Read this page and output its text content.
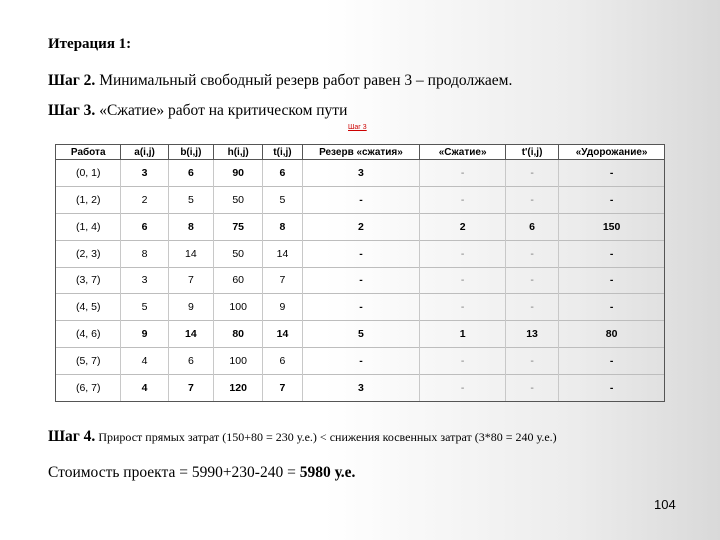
Итерация 1:
Шаг 2. Минимальный свободный резерв работ равен 3 – продолжаем.
Шаг 3. «Сжатие» работ на критическом пути
Шаг 3
Работа	a(i,j)	b(i,j)	h(i,j)	t(i,j)	Резерв «сжатия»	«Сжатие»	t'(i,j)	«Удорожание»
(0, 1)	3	6	90	6	3	-	-	-
(1, 2)	2	5	50	5	-	-	-	-
(1, 4)	6	8	75	8	2	2	6	150
(2, 3)	8	14	50	14	-	-	-	-
(3, 7)	3	7	60	7	-	-	-	-
(4, 5)	5	9	100	9	-	-	-	-
(4, 6)	9	14	80	14	5	1	13	80
(5, 7)	4	6	100	6	-	-	-	-
(6, 7)	4	7	120	7	3	-	-	-
Шаг 4. Прирост прямых затрат (150+80 = 230 у.е.) < снижения косвенных затрат (3*80 = 240 у.е.)
Стоимость проекта = 5990+230-240 = 5980 у.е.
104
